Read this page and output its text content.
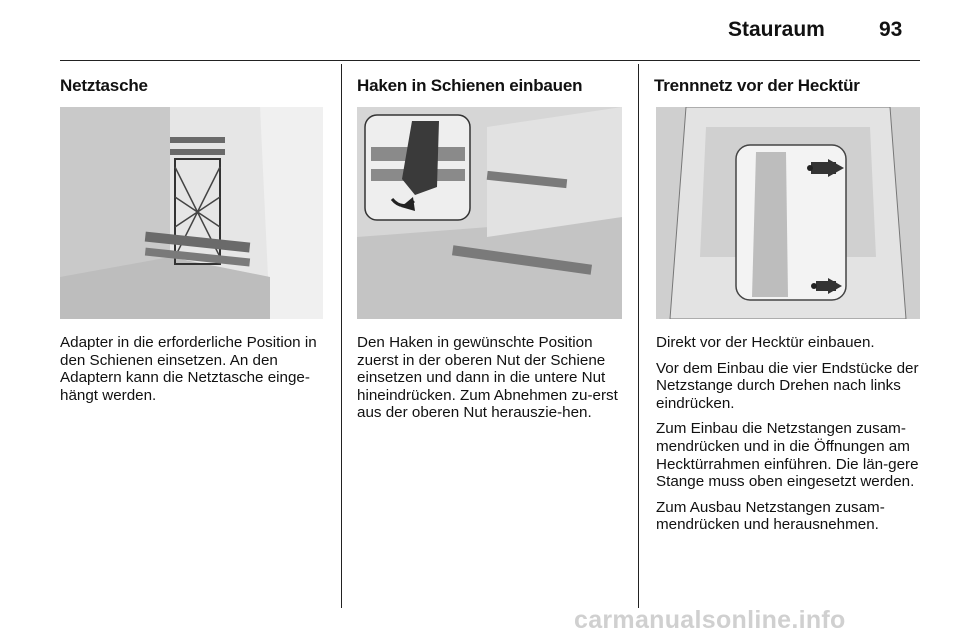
Stauraum	93
Netztasche

Adapter in die erforderliche Position in den Schienen einsetzen. An den Adaptern kann die Netztasche einge-hängt werden.

Haken in Schienen einbauen

Den Haken in gewünschte Position zuerst in der oberen Nut der Schiene einsetzen und dann in die untere Nut hineindrücken. Zum Abnehmen zu-erst aus der oberen Nut herauszie-hen.

Trennnetz vor der Hecktür

Direkt vor der Hecktür einbauen.

Vor dem Einbau die vier Endstücke der Netzstange durch Drehen nach links eindrücken.

Zum Einbau die Netzstangen zusam-mendrücken und in die Öffnungen am Hecktürrahmen einführen. Die län-gere Stange muss oben eingesetzt werden.

Zum Ausbau Netzstangen zusam-mendrücken und herausnehmen.

carmanualsonline.info
